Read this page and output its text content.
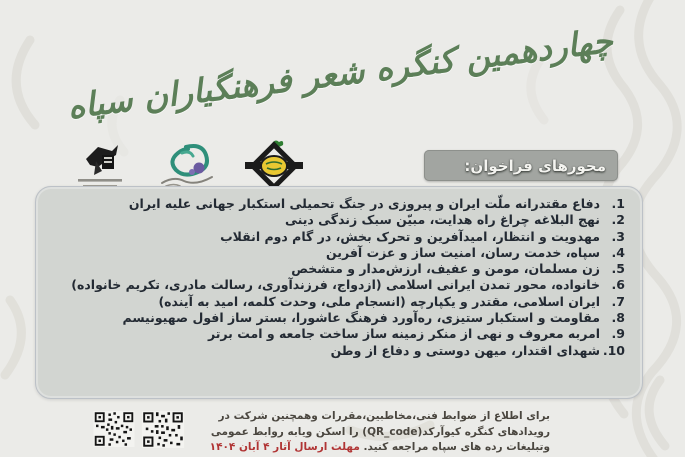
چهاردهمین کنگره شعر فرهنگیاران سپاه
محورهای فراخوان:
1.
دفاع مقتدرانه ملّت ایران و پیروزی در جنگ تحمیلی استکبار جهانی علیه ایران
2.
نهج البلاغه چراغ راه هدایت، مبیّن سبک زندگی دینی
3.
مهدویت و انتظار، امیدآفرین و تحرک بخش، در گام دوم انقلاب
4.
سپاه، خدمت رسان، امنیت ساز و عزت آفرین
5.
زن مسلمان، مومن و عفیف، ارزش‌مدار و متشخص
6.
خانواده، محور تمدن ایرانی اسلامی (ازدواج، فرزندآوری، رسالت مادری، تکریم خانواده)
7.
ایران اسلامی، مقتدر و یکپارچه (انسجام ملی، وحدت کلمه، امید به آینده)
8.
مقاومت و استکبار ستیزی، ره‌آورد فرهنگ عاشورا، بستر ساز افول صهیونیسم
9.
امربه معروف و نهی از منکر زمینه ساز ساخت جامعه و امت برتر
10.
شهدای اقتدار، میهن دوستی و دفاع از وطن
برای اطلاع از ضوابط فنی،مخاطبین،مقررات وهمچنین شرکت در
رویدادهای کنگره کیوآرکد(QR_code) را اسکن ویابه روابط عمومی
وتبلیغات رده های سپاه مراجعه کنید. مهلت ارسال آثار ۴ آبان ۱۴۰۴
